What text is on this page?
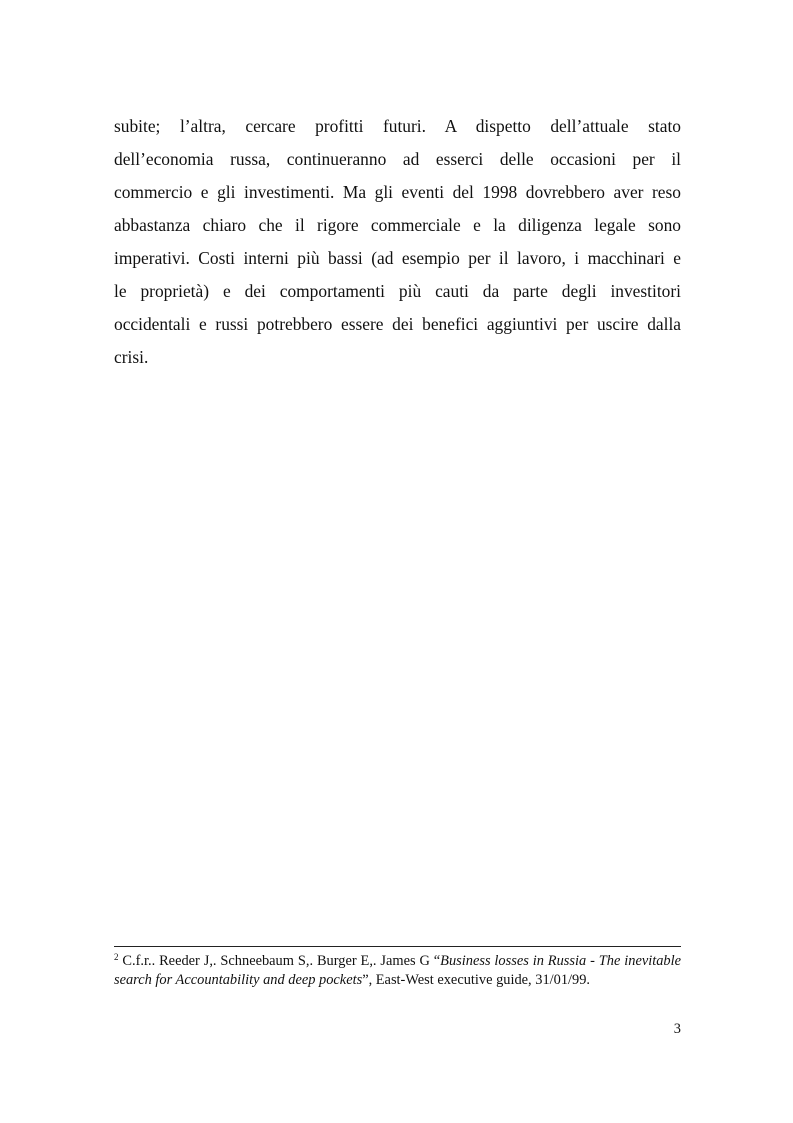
subite; l’altra, cercare profitti futuri. A dispetto dell’attuale stato
dell’economia russa, continueranno ad esserci delle occasioni per il
commercio e gli investimenti. Ma gli eventi del 1998 dovrebbero aver reso
abbastanza chiaro che il rigore commerciale e la diligenza legale sono
imperativi. Costi interni più bassi (ad esempio per il lavoro, i macchinari e
le proprietà) e dei comportamenti più cauti da parte degli investitori
occidentali e russi potrebbero essere dei benefici aggiuntivi per uscire dalla
crisi.
$^2$ C.f.r.. Reeder J,. Schneebaum S,. Burger E,. James G “Business losses in Russia - The inevitable search for Accountability and deep pockets”, East-West executive guide, 31/01/99.
3
